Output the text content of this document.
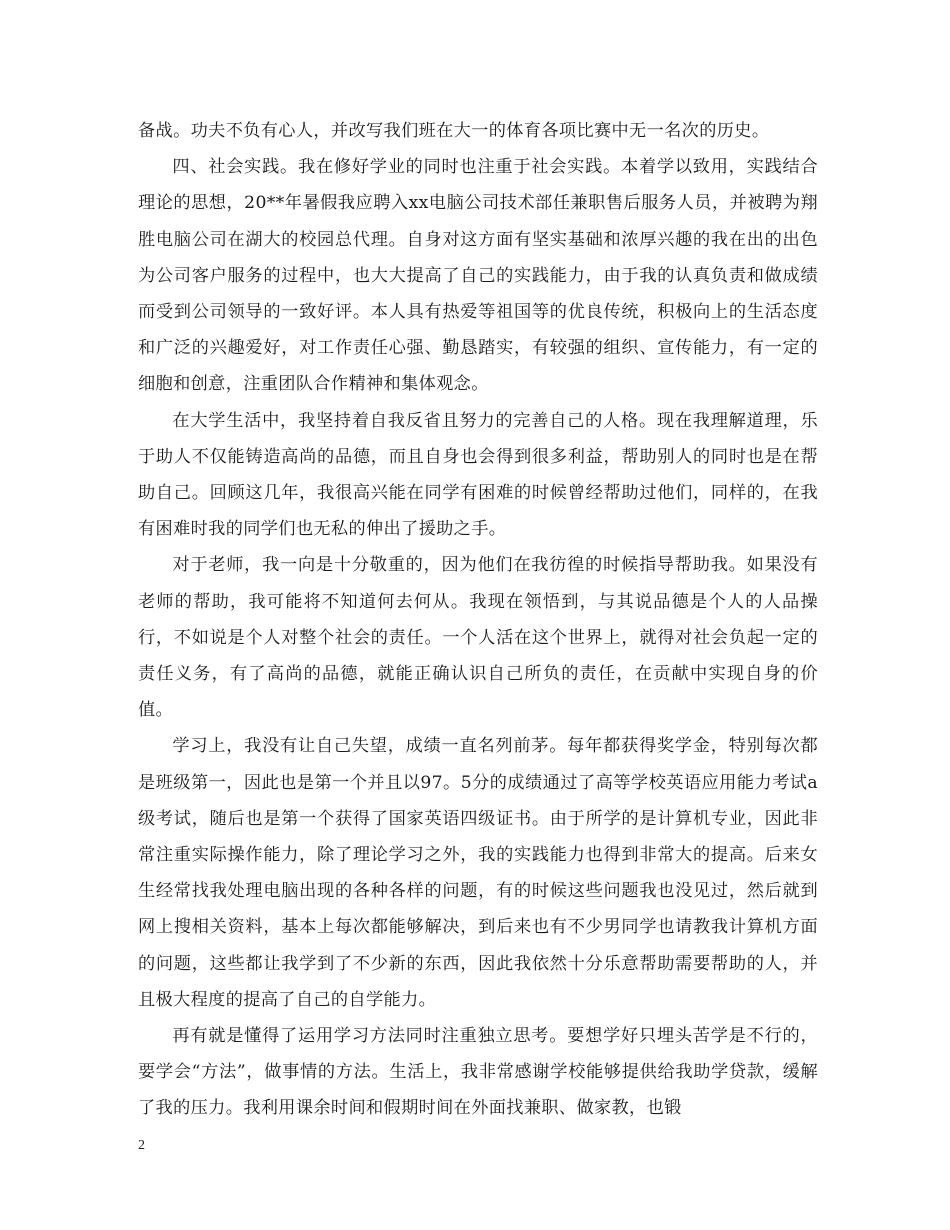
备战。功夫不负有心人，并改写我们班在大一的体育各项比赛中无一名次的历史。

四、社会实践。我在修好学业的同时也注重于社会实践。本着学以致用，实践结合理论的思想，20**年暑假我应聘入xx电脑公司技术部任兼职售后服务人员，并被聘为翔胜电脑公司在湖大的校园总代理。自身对这方面有坚实基础和浓厚兴趣的我在出的出色为公司客户服务的过程中，也大大提高了自己的实践能力，由于我的认真负责和做成绩而受到公司领导的一致好评。本人具有热爱等祖国等的优良传统，积极向上的生活态度和广泛的兴趣爱好，对工作责任心强、勤恳踏实，有较强的组织、宣传能力，有一定的细胞和创意，注重团队合作精神和集体观念。

在大学生活中，我坚持着自我反省且努力的完善自己的人格。现在我理解道理，乐于助人不仅能铸造高尚的品德，而且自身也会得到很多利益，帮助别人的同时也是在帮助自己。回顾这几年，我很高兴能在同学有困难的时候曾经帮助过他们，同样的，在我有困难时我的同学们也无私的伸出了援助之手。

对于老师，我一向是十分敬重的，因为他们在我彷徨的时候指导帮助我。如果没有老师的帮助，我可能将不知道何去何从。我现在领悟到，与其说品德是个人的人品操行，不如说是个人对整个社会的责任。一个人活在这个世界上，就得对社会负起一定的责任义务，有了高尚的品德，就能正确认识自己所负的责任，在贡献中实现自身的价值。

学习上，我没有让自己失望，成绩一直名列前茅。每年都获得奖学金，特别每次都是班级第一，因此也是第一个并且以97。5分的成绩通过了高等学校英语应用能力考试a级考试，随后也是第一个获得了国家英语四级证书。由于所学的是计算机专业，因此非常注重实际操作能力，除了理论学习之外，我的实践能力也得到非常大的提高。后来女生经常找我处理电脑出现的各种各样的问题，有的时候这些问题我也没见过，然后就到网上搜相关资料，基本上每次都能够解决，到后来也有不少男同学也请教我计算机方面的问题，这些都让我学到了不少新的东西，因此我依然十分乐意帮助需要帮助的人，并且极大程度的提高了自己的自学能力。

再有就是懂得了运用学习方法同时注重独立思考。要想学好只埋头苦学是不行的，要学会“方法”，做事情的方法。生活上，我非常感谢学校能够提供给我助学贷款，缓解了我的压力。我利用课余时间和假期时间在外面找兼职、做家教，也锻

2
